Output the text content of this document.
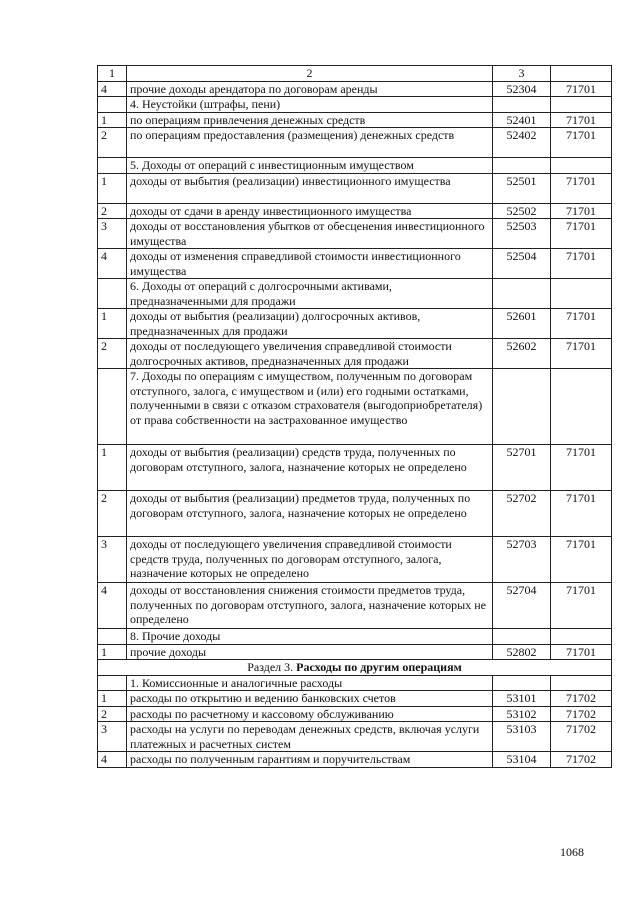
1	2	3	
4	прочие доходы арендатора по договорам аренды	52304	71701
	4. Неустойки (штрафы, пени)		
1	по операциям привлечения денежных средств	52401	71701
2	по операциям предоставления (размещения) денежных средств	52402	71701
	5. Доходы от операций с инвестиционным имуществом		
1	доходы от выбытия (реализации) инвестиционного имущества	52501	71701
2	доходы от сдачи в аренду инвестиционного имущества	52502	71701
3	доходы от восстановления убытков от обесценения инвестиционного имущества	52503	71701
4	доходы от изменения справедливой стоимости инвестиционного имущества	52504	71701
	6. Доходы от операций с долгосрочными активами, предназначенными для продажи		
1	доходы от выбытия (реализации) долгосрочных активов, предназначенных для продажи	52601	71701
2	доходы от последующего увеличения справедливой стоимости долгосрочных активов, предназначенных для продажи	52602	71701
	7. Доходы по операциям с имуществом, полученным по договорам отступного, залога, с имуществом и (или) его годными остатками, полученными в связи с отказом страхователя (выгодоприобретателя) от права собственности на застрахованное имущество		
1	доходы от выбытия (реализации) средств труда, полученных по договорам отступного, залога, назначение которых не определено	52701	71701
2	доходы от выбытия (реализации) предметов труда, полученных по договорам отступного, залога, назначение которых не определено	52702	71701
3	доходы от последующего увеличения справедливой стоимости средств труда, полученных по договорам отступного, залога, назначение которых не определено	52703	71701
4	доходы от восстановления снижения стоимости предметов труда, полученных по договорам отступного, залога, назначение которых не определено	52704	71701
	8. Прочие доходы		
1	прочие доходы	52802	71701
Раздел 3. Расходы по другим операциям			
	1. Комиссионные и аналогичные расходы		
1	расходы по открытию и ведению банковских счетов	53101	71702
2	расходы по расчетному и кассовому обслуживанию	53102	71702
3	расходы на услуги по переводам денежных средств, включая услуги платежных и расчетных систем	53103	71702
4	расходы по полученным гарантиям и поручительствам	53104	71702
1068
